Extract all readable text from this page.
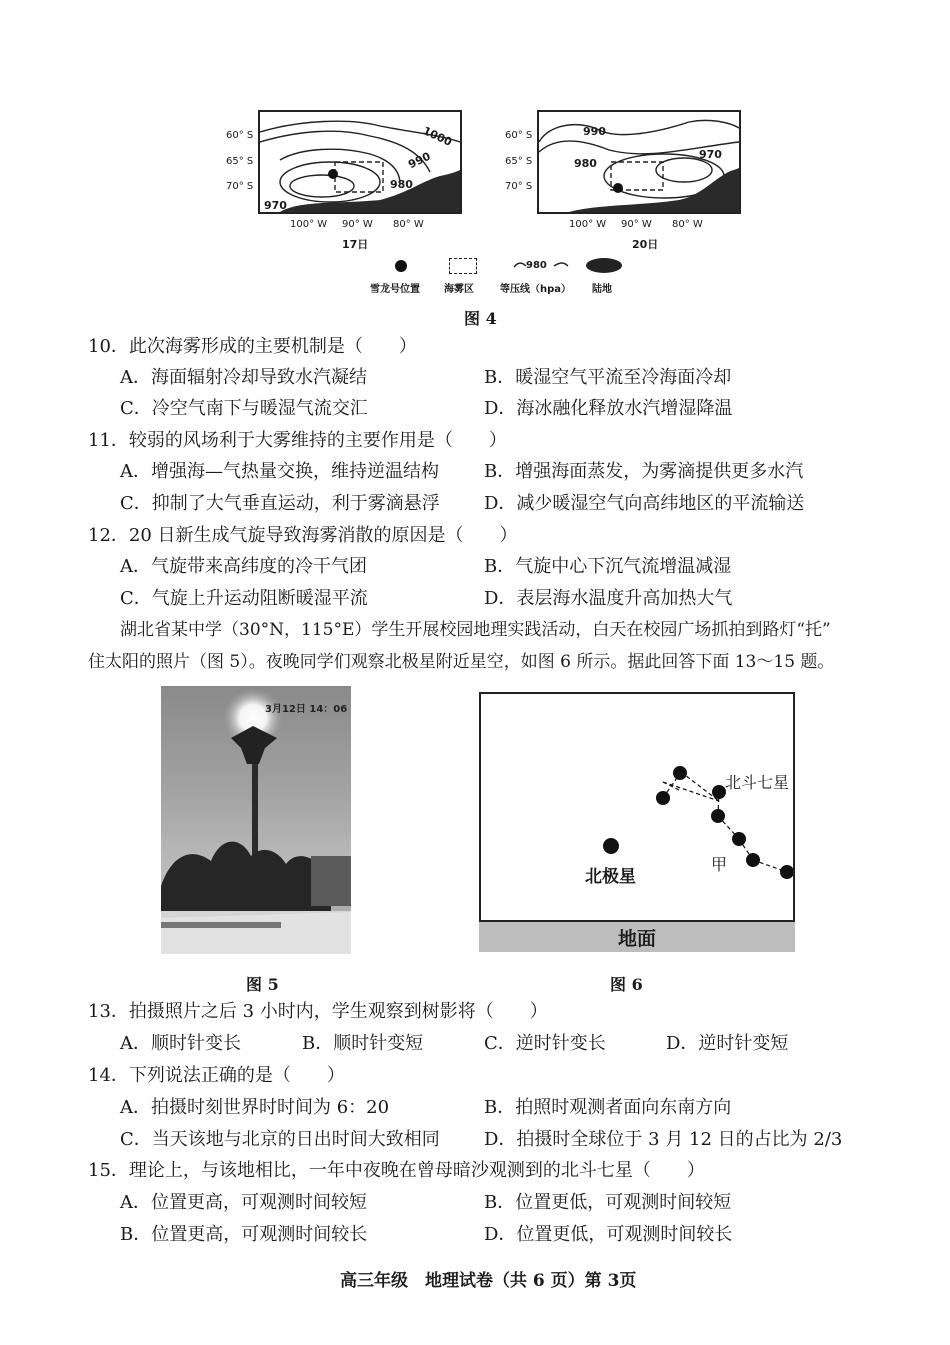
1000
990
980
970
60° S
65° S
70° S
100° W 90° W 80° W
17日
990
980
970
60° S
65° S
70° S
100° W 90° W 80° W
20日
980
雪龙号位置 海雾区	等压线（hpa） 陆地
图 4
10．此次海雾形成的主要机制是（　　）
A．海面辐射冷却导致水汽凝结	B．暖湿空气平流至冷海面冷却
C．冷空气南下与暖湿气流交汇	D．海冰融化释放水汽增湿降温
11．较弱的风场利于大雾维持的主要作用是（　　）
A．增强海—气热量交换，维持逆温结构	B．增强海面蒸发，为雾滴提供更多水汽
C．抑制了大气垂直运动，利于雾滴悬浮 D．减少暖湿空气向高纬地区的平流输送
12．20 日新生成气旋导致海雾消散的原因是（　　）
A．气旋带来高纬度的冷干气团	B．气旋中心下沉气流增温减湿
C．气旋上升运动阻断暖湿平流	D．表层海水温度升高加热大气
湖北省某中学（30°N，115°E）学生开展校园地理实践活动，白天在校园广场抓拍到路灯“托”
住太阳的照片（图 5）。夜晚同学们观察北极星附近星空，如图 6 所示。据此回答下面 13～15 题。
3月12日 14：06
图 5
北斗七星
北极星
甲
地面
图 6
13．拍摄照片之后 3 小时内，学生观察到树影将（　　）
A．顺时针变长	B．顺时针变短	C．逆时针变长	D．逆时针变短
14．下列说法正确的是（　　）
A．拍摄时刻世界时时间为 6：20	B．拍照时观测者面向东南方向
C．当天该地与北京的日出时间大致相同 D．拍摄时全球位于 3 月 12 日的占比为 2/3
15．理论上，与该地相比，一年中夜晚在曾母暗沙观测到的北斗七星（　　）
A．位置更高，可观测时间较短	B．位置更低，可观测时间较短
B．位置更高，可观测时间较长	D．位置更低，可观测时间较长
高三年级　地理试卷（共 6 页）第 3页
